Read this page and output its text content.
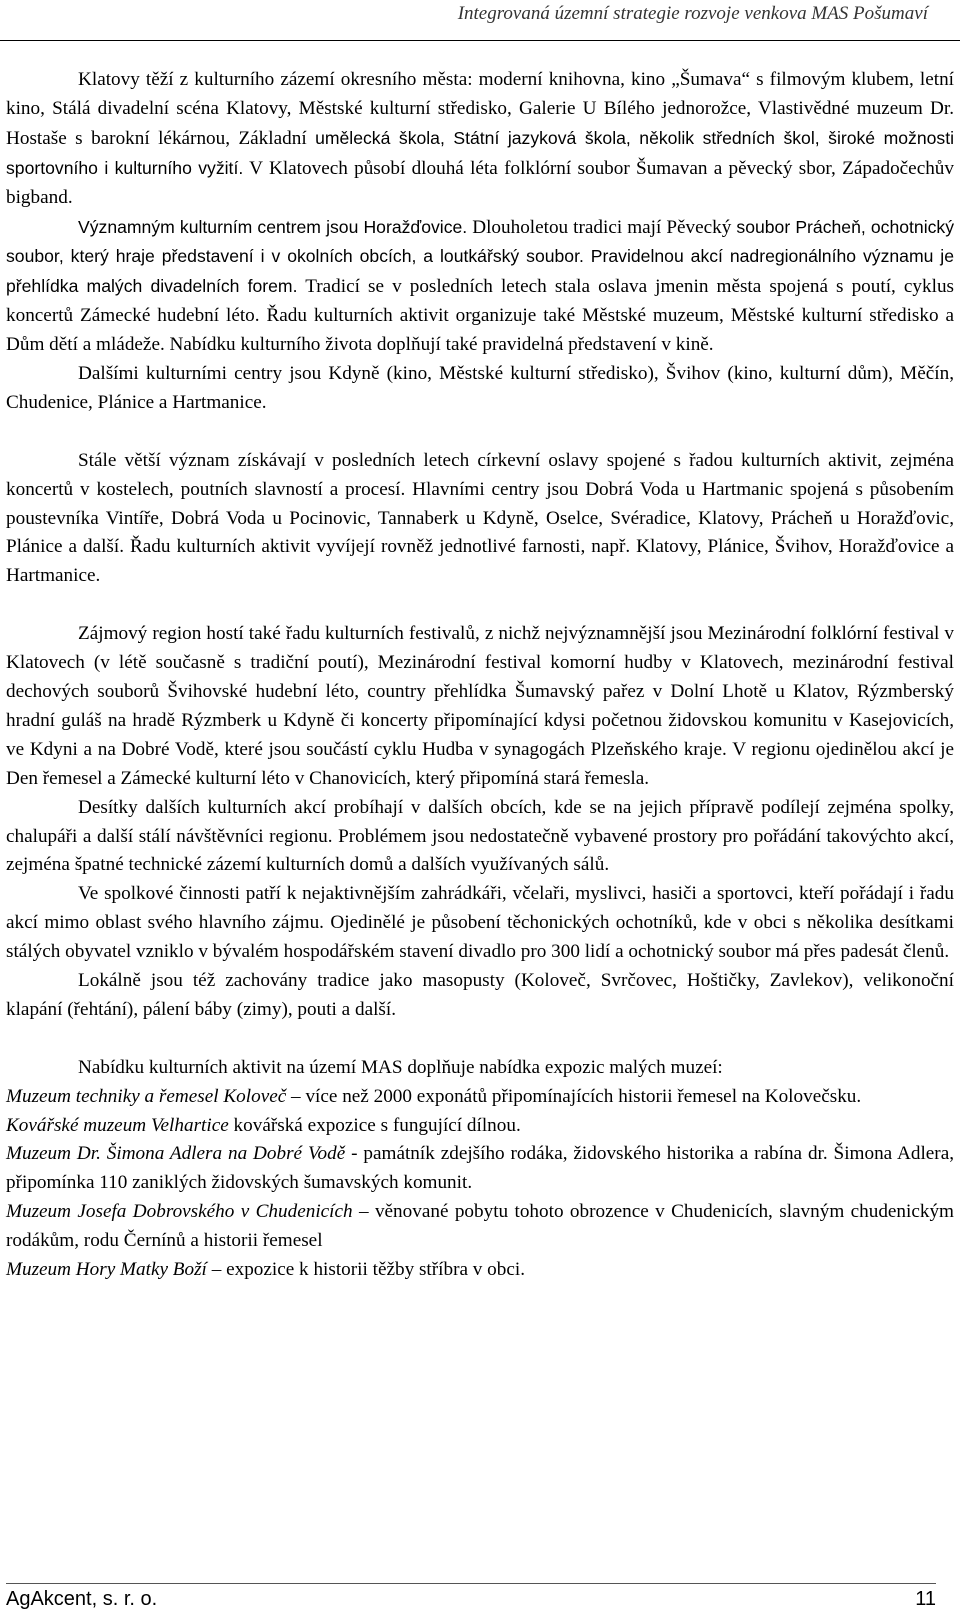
Integrovaná územní strategie rozvoje venkova MAS Pošumaví

Klatovy těží z kulturního zázemí okresního města: moderní knihovna, kino „Šumava“ s filmovým klubem, letní kino, Stálá divadelní scéna Klatovy, Městské kulturní středisko, Galerie U Bílého jednorožce, Vlastivědné muzeum Dr. Hostaše s barokní lékárnou, Základní umělecká škola, Státní jazyková škola, několik středních škol, široké možnosti sportovního i kulturního vyžití. V Klatovech působí dlouhá léta folklórní soubor Šumavan a pěvecký sbor, Západočechův bigband.

Významným kulturním centrem jsou Horažďovice. Dlouholetou tradici mají Pěvecký soubor Prácheň, ochotnický soubor, který hraje představení i v okolních obcích, a loutkářský soubor. Pravidelnou akcí nadregionálního významu je přehlídka malých divadelních forem. Tradicí se v posledních letech stala oslava jmenin města spojená s poutí, cyklus koncertů Zámecké hudební léto. Řadu kulturních aktivit organizuje také Městské muzeum, Městské kulturní středisko a Dům dětí a mládeže. Nabídku kulturního života doplňují také pravidelná představení v kině.

Dalšími kulturními centry jsou Kdyně (kino, Městské kulturní středisko), Švihov (kino, kulturní dům), Měčín, Chudenice, Plánice a Hartmanice.

Stále větší význam získávají v posledních letech církevní oslavy spojené s řadou kulturních aktivit, zejména koncertů v kostelech, poutních slavností a procesí. Hlavními centry jsou Dobrá Voda u Hartmanic spojená s působením poustevníka Vintíře, Dobrá Voda u Pocinovic, Tannaberk u Kdyně, Oselce, Svéradice, Klatovy, Prácheň u Horažďovic, Plánice a další. Řadu kulturních aktivit vyvíjejí rovněž jednotlivé farnosti, např. Klatovy, Plánice, Švihov, Horažďovice a Hartmanice.

Zájmový region hostí také řadu kulturních festivalů, z nichž nejvýznamnější jsou Mezinárodní folklórní festival v Klatovech (v létě současně s tradiční poutí), Mezinárodní festival komorní hudby v Klatovech, mezinárodní festival dechových souborů Švihovské hudební léto, country přehlídka Šumavský pařez v Dolní Lhotě u Klatov, Rýzmberský hradní guláš na hradě Rýzmberk u Kdyně či koncerty připomínající kdysi početnou židovskou komunitu v Kasejovicích, ve Kdyni a na Dobré Vodě, které jsou součástí cyklu Hudba v synagogách Plzeňského kraje. V regionu ojedinělou akcí je Den řemesel a Zámecké kulturní léto v Chanovicích, který připomíná stará řemesla.

Desítky dalších kulturních akcí probíhají v dalších obcích, kde se na jejich přípravě podílejí zejména spolky, chalupáři a další stálí návštěvníci regionu. Problémem jsou nedostatečně vybavené prostory pro pořádání takovýchto akcí, zejména špatné technické zázemí kulturních domů a dalších využívaných sálů.

Ve spolkové činnosti patří k nejaktivnějším zahrádkáři, včelaři, myslivci, hasiči a sportovci, kteří pořádají i řadu akcí mimo oblast svého hlavního zájmu. Ojedinělé je působení těchonických ochotníků, kde v obci s několika desítkami stálých obyvatel vzniklo v bývalém hospodářském stavení divadlo pro 300 lidí a ochotnický soubor má přes padesát členů.

Lokálně jsou též zachovány tradice jako masopusty (Koloveč, Svrčovec, Hoštičky, Zavlekov), velikonoční klapání (řehtání), pálení báby (zimy), pouti a další.

Nabídku kulturních aktivit na území MAS doplňuje nabídka expozic malých muzeí:

Muzeum techniky a řemesel Koloveč – více než 2000 exponátů připomínajících historii řemesel na Kolovečsku.

Kovářské muzeum Velhartice kovářská expozice s fungující dílnou.

Muzeum Dr. Šimona Adlera na Dobré Vodě - památník zdejšího rodáka, židovského historika a rabína dr. Šimona Adlera, připomínka 110 zaniklých židovských šumavských komunit.

Muzeum Josefa Dobrovského v Chudenicích – věnované pobytu tohoto obrozence v Chudenicích, slavným chudenickým rodákům, rodu Černínů a historii řemesel

Muzeum Hory Matky Boží – expozice k historii těžby stříbra v obci.

AgAkcent, s. r. o.	11
